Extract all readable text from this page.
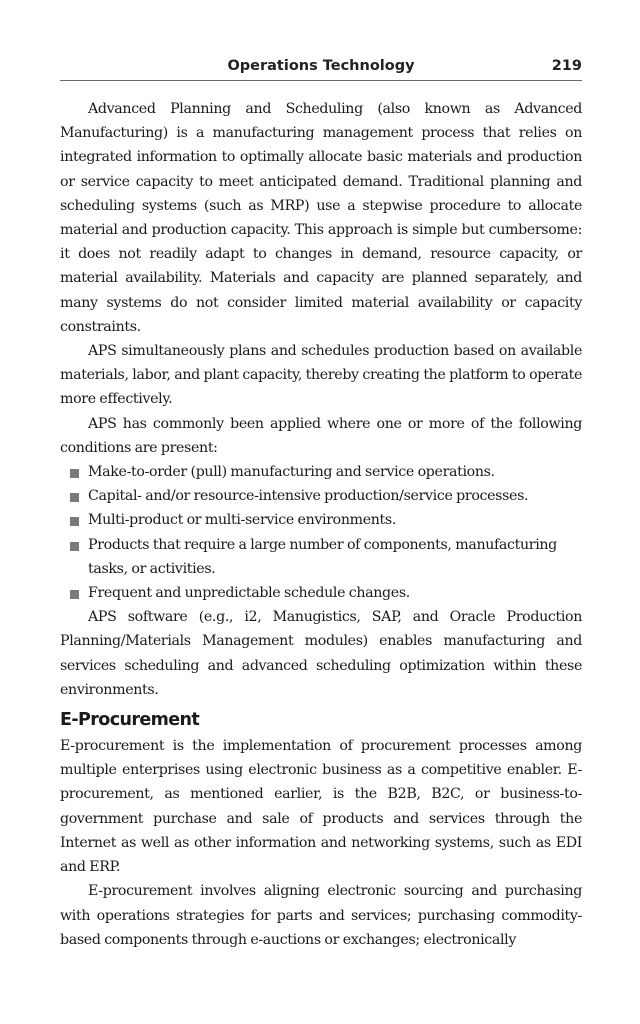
Operations Technology	219

Advanced Planning and Scheduling (also known as Advanced Manufacturing) is a manufacturing management process that relies on integrated information to optimally allocate basic materials and production or service capacity to meet anticipated demand. Traditional planning and scheduling systems (such as MRP) use a stepwise procedure to allocate material and production capacity. This approach is simple but cumbersome: it does not readily adapt to changes in demand, resource capacity, or material availability. Materials and capacity are planned separately, and many systems do not consider limited material availability or capacity constraints.

APS simultaneously plans and schedules production based on available materials, labor, and plant capacity, thereby creating the platform to operate more effectively.

APS has commonly been applied where one or more of the following conditions are present:

Make-to-order (pull) manufacturing and service operations.
Capital- and/or resource-intensive production/service processes.
Multi-product or multi-service environments.
Products that require a large number of components, manufacturing tasks, or activities.
Frequent and unpredictable schedule changes.

APS software (e.g., i2, Manugistics, SAP, and Oracle Production Planning/Materials Management modules) enables manufacturing and services scheduling and advanced scheduling optimization within these environments.

E-Procurement

E-procurement is the implementation of procurement processes among multiple enterprises using electronic business as a competitive enabler. E-procurement, as mentioned earlier, is the B2B, B2C, or business-to-government purchase and sale of products and services through the Internet as well as other information and networking systems, such as EDI and ERP.

E-procurement involves aligning electronic sourcing and purchasing with operations strategies for parts and services; purchasing commodity-based components through e-auctions or exchanges; electronically
